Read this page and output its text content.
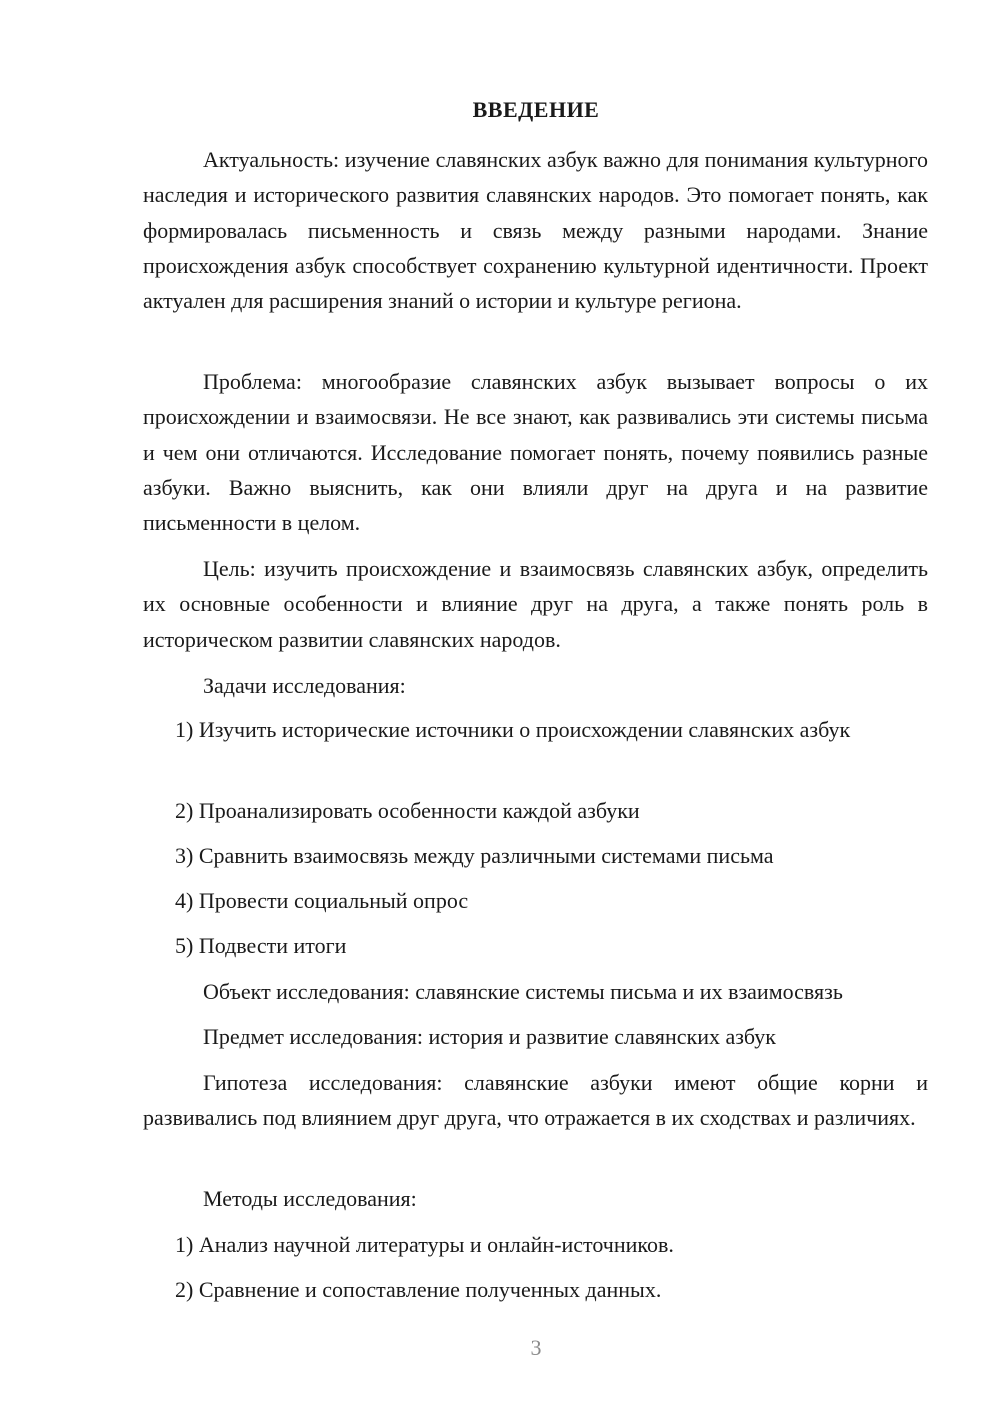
ВВЕДЕНИЕ

Актуальность: изучение славянских азбук важно для понимания культурного наследия и исторического развития славянских народов. Это помогает понять, как формировалась письменность и связь между разными народами. Знание происхождения азбук способствует сохранению культурной идентичности. Проект актуален для расширения знаний о истории и культуре региона.

Проблема: многообразие славянских азбук вызывает вопросы о их происхождении и взаимосвязи. Не все знают, как развивались эти системы письма и чем они отличаются. Исследование помогает понять, почему появились разные азбуки. Важно выяснить, как они влияли друг на друга и на развитие письменности в целом.

Цель: изучить происхождение и взаимосвязь славянских азбук, определить их основные особенности и влияние друг на друга, а также понять роль в историческом развитии славянских народов.

Задачи исследования:

1) Изучить исторические источники о происхождении славянских азбук

2) Проанализировать особенности каждой азбуки

3) Сравнить взаимосвязь между различными системами письма

4) Провести социальный опрос

5) Подвести итоги

Объект исследования: славянские системы письма и их взаимосвязь

Предмет исследования: история и развитие славянских азбук

Гипотеза исследования: славянские азбуки имеют общие корни и развивались под влиянием друг друга, что отражается в их сходствах и различиях.

Методы исследования:

1) Анализ научной литературы и онлайн-источников.

2) Сравнение и сопоставление полученных данных.

3
